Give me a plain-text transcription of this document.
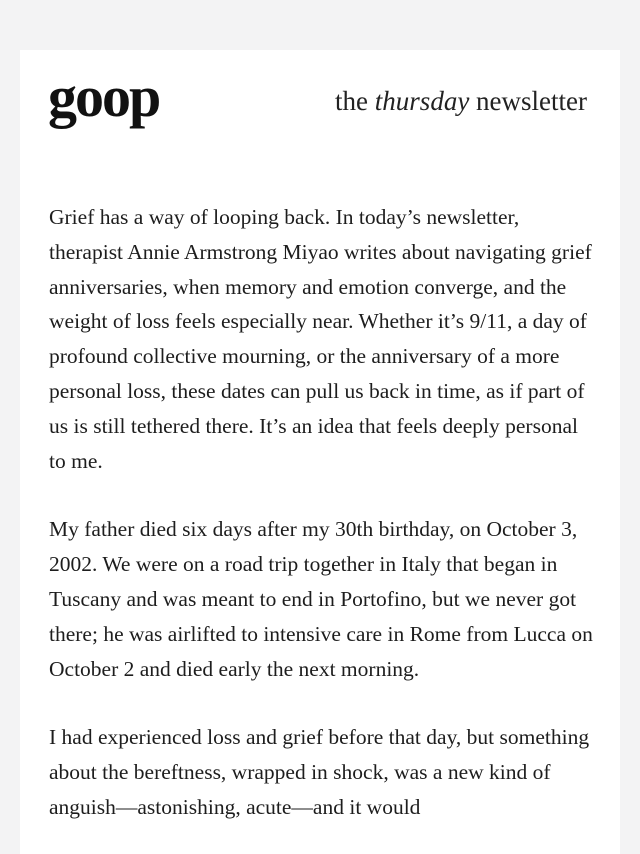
goop	the thursday newsletter

Grief has a way of looping back. In today’s newsletter, therapist Annie Armstrong Miyao writes about navigating grief anniversaries, when memory and emotion converge, and the weight of loss feels especially near. Whether it’s 9/11, a day of profound collective mourning, or the anniversary of a more personal loss, these dates can pull us back in time, as if part of us is still tethered there. It’s an idea that feels deeply personal to me.

My father died six days after my 30th birthday, on October 3, 2002. We were on a road trip together in Italy that began in Tuscany and was meant to end in Portofino, but we never got there; he was airlifted to intensive care in Rome from Lucca on October 2 and died early the next morning.

I had experienced loss and grief before that day, but something about the bereftness, wrapped in shock, was a new kind of anguish—astonishing, acute—and it would
